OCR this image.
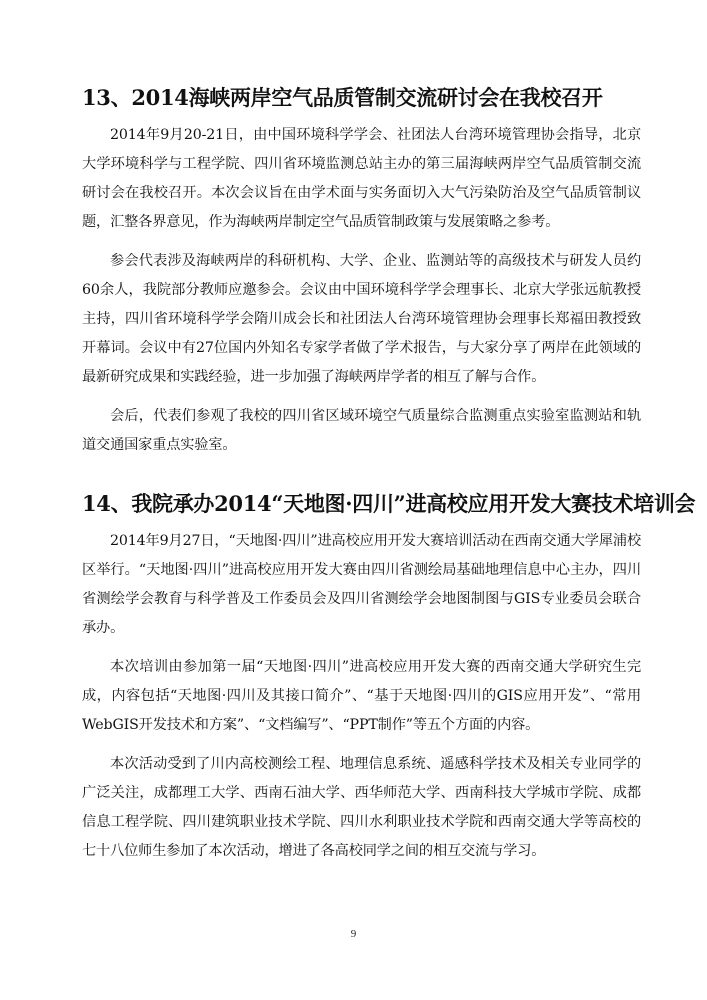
13、2014海峡两岸空气品质管制交流研讨会在我校召开

2014年9月20-21日，由中国环境科学学会、社团法人台湾环境管理协会指导，北京大学环境科学与工程学院、四川省环境监测总站主办的第三届海峡两岸空气品质管制交流研讨会在我校召开。本次会议旨在由学术面与实务面切入大气污染防治及空气品质管制议题，汇整各界意见，作为海峡两岸制定空气品质管制政策与发展策略之参考。

参会代表涉及海峡两岸的科研机构、大学、企业、监测站等的高级技术与研发人员约60余人，我院部分教师应邀参会。会议由中国环境科学学会理事长、北京大学张远航教授主持，四川省环境科学学会隋川成会长和社团法人台湾环境管理协会理事长郑福田教授致开幕词。会议中有27位国内外知名专家学者做了学术报告，与大家分享了两岸在此领域的最新研究成果和实践经验，进一步加强了海峡两岸学者的相互了解与合作。

会后，代表们参观了我校的四川省区域环境空气质量综合监测重点实验室监测站和轨道交通国家重点实验室。

14、我院承办2014“天地图·四川”进高校应用开发大赛技术培训会

2014年9月27日，“天地图·四川”进高校应用开发大赛培训活动在西南交通大学犀浦校区举行。“天地图·四川”进高校应用开发大赛由四川省测绘局基础地理信息中心主办，四川省测绘学会教育与科学普及工作委员会及四川省测绘学会地图制图与GIS专业委员会联合承办。

本次培训由参加第一届“天地图·四川”进高校应用开发大赛的西南交通大学研究生完成，内容包括“天地图·四川及其接口简介”、“基于天地图·四川的GIS应用开发”、“常用WebGIS开发技术和方案”、“文档编写”、“PPT制作”等五个方面的内容。

本次活动受到了川内高校测绘工程、地理信息系统、遥感科学技术及相关专业同学的广泛关注，成都理工大学、西南石油大学、西华师范大学、西南科技大学城市学院、成都信息工程学院、四川建筑职业技术学院、四川水利职业技术学院和西南交通大学等高校的七十八位师生参加了本次活动，增进了各高校同学之间的相互交流与学习。

9
